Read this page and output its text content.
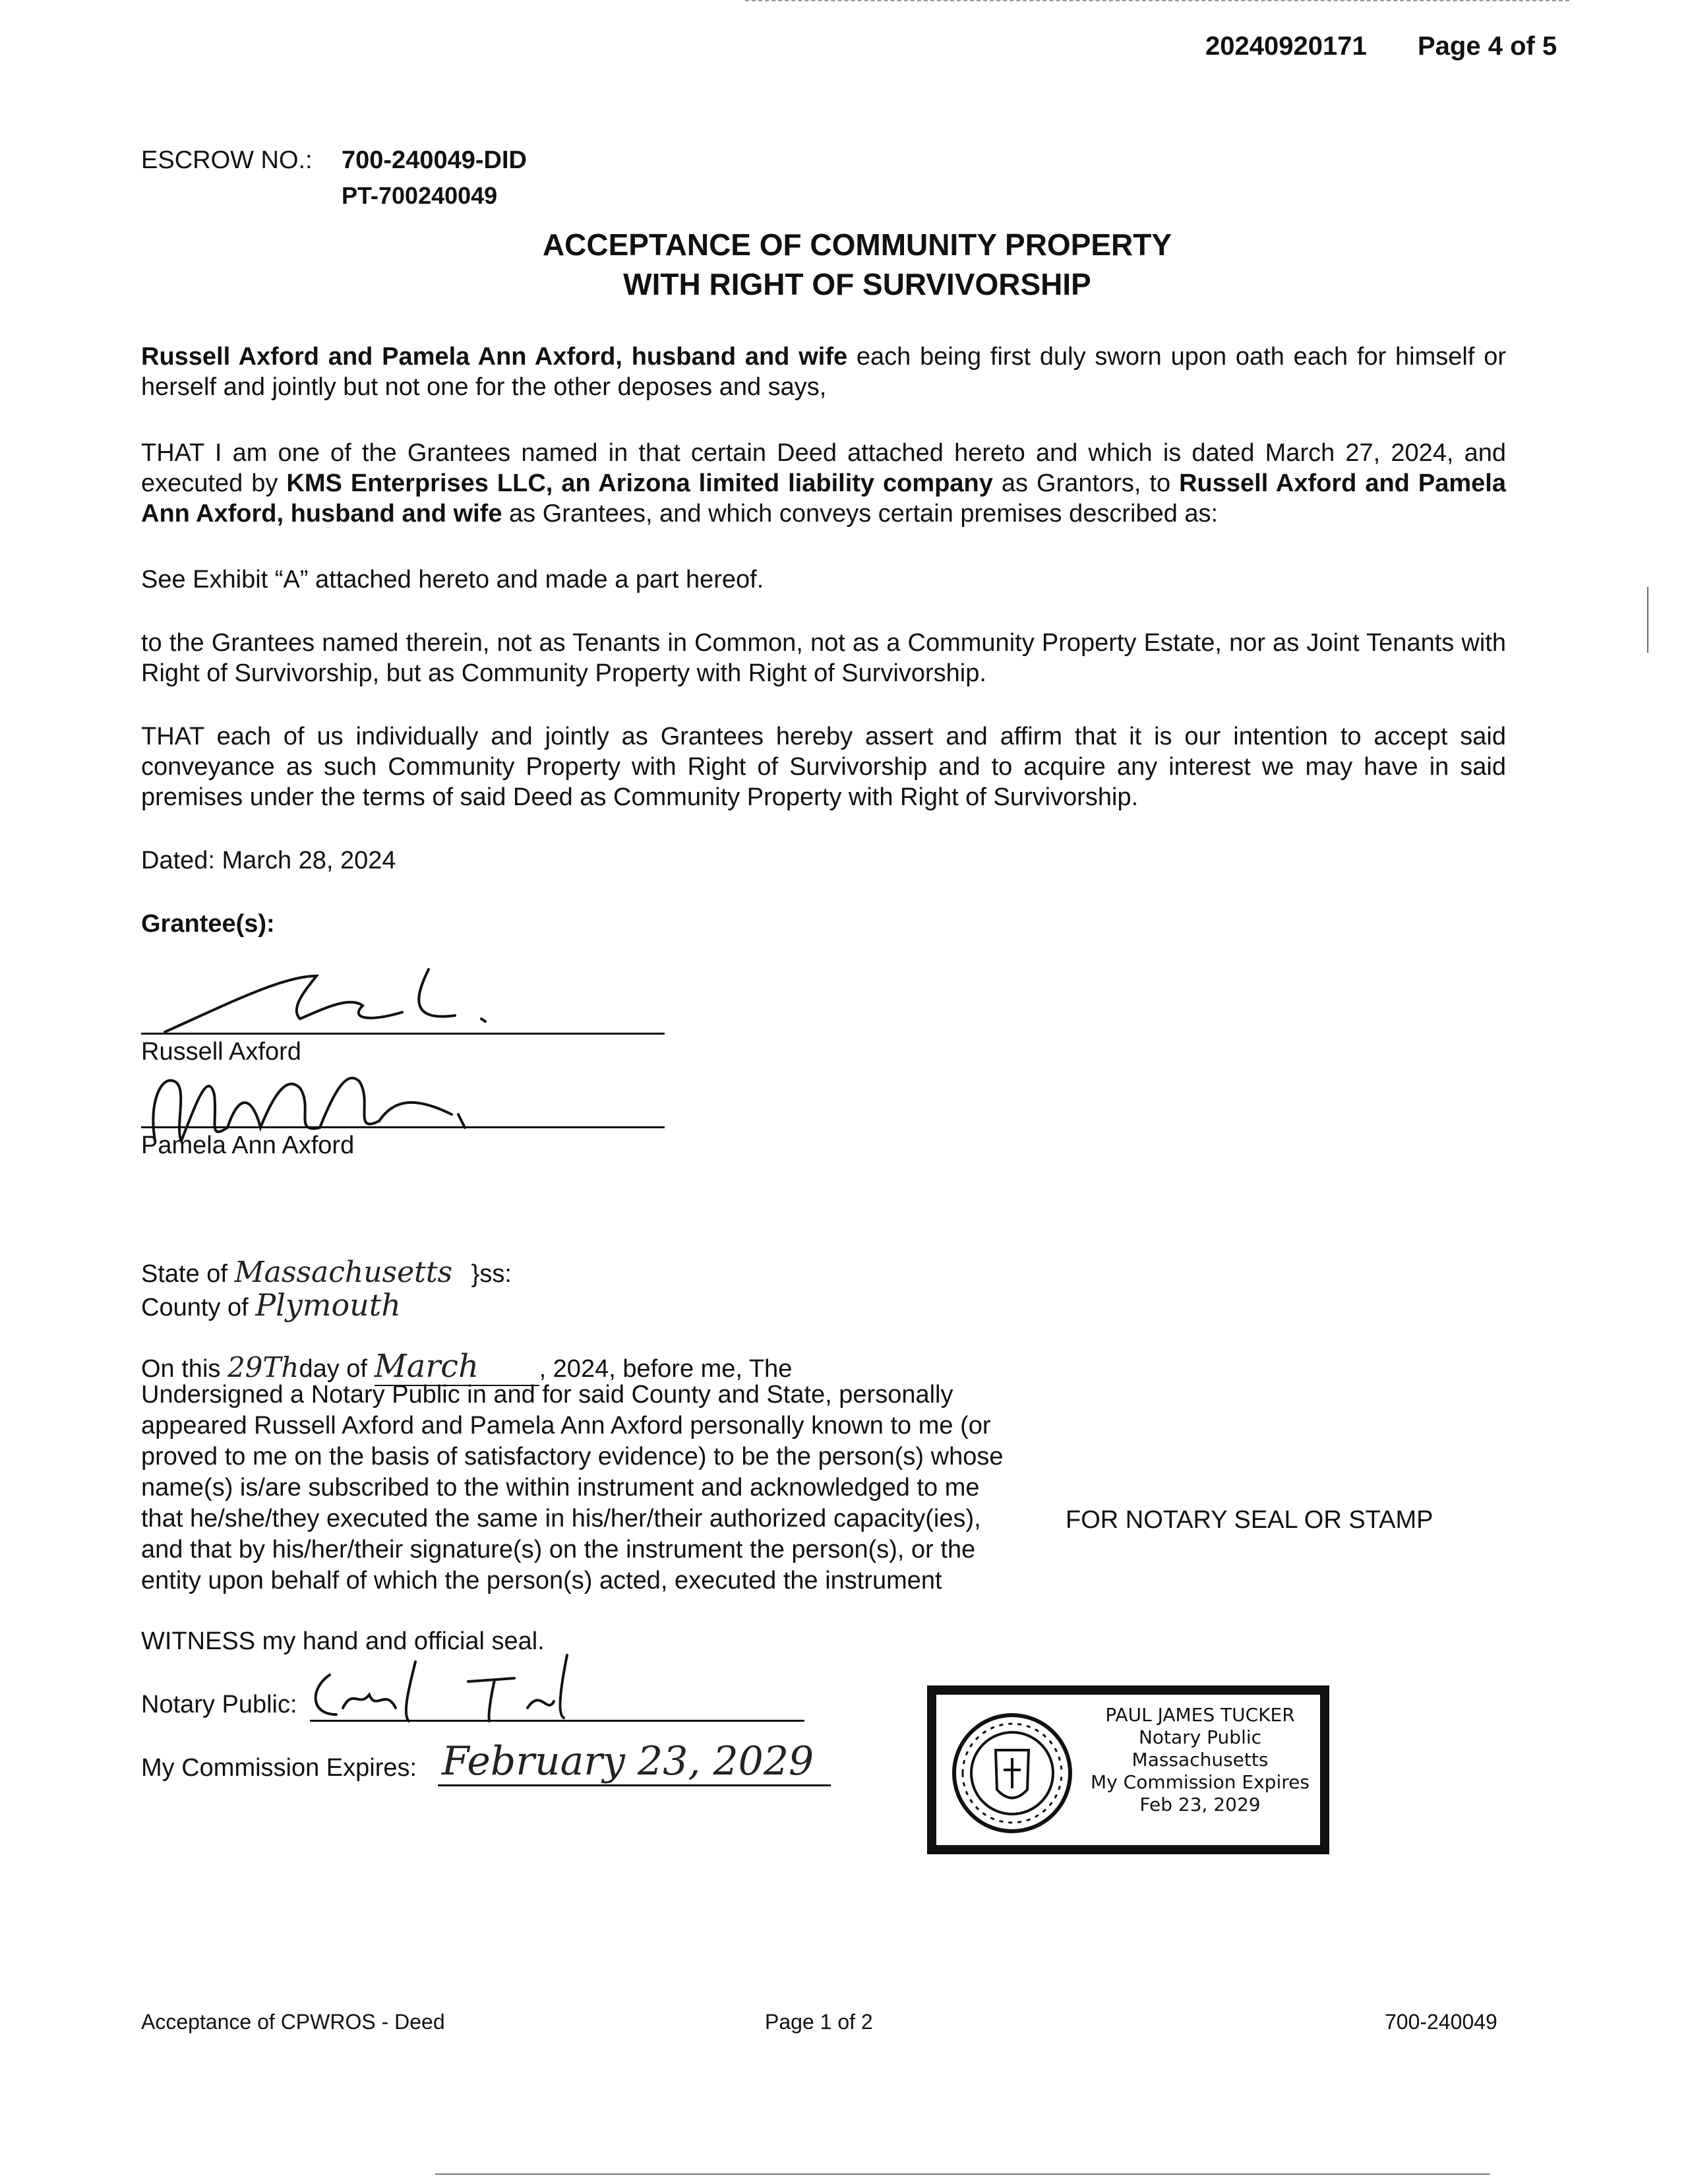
20240920171 Page 4 of 5
ESCROW NO.: 700-240049-DID
PT-700240049
ACCEPTANCE OF COMMUNITY PROPERTY
WITH RIGHT OF SURVIVORSHIP
Russell Axford and Pamela Ann Axford, husband and wife each being first duly sworn upon oath each for himself or herself and jointly but not one for the other deposes and says,
THAT I am one of the Grantees named in that certain Deed attached hereto and which is dated March 27, 2024, and executed by KMS Enterprises LLC, an Arizona limited liability company as Grantors, to Russell Axford and Pamela Ann Axford, husband and wife as Grantees, and which conveys certain premises described as:
See Exhibit “A” attached hereto and made a part hereof.
to the Grantees named therein, not as Tenants in Common, not as a Community Property Estate, nor as Joint Tenants with Right of Survivorship, but as Community Property with Right of Survivorship.
THAT each of us individually and jointly as Grantees hereby assert and affirm that it is our intention to accept said conveyance as such Community Property with Right of Survivorship and to acquire any interest we may have in said premises under the terms of said Deed as Community Property with Right of Survivorship.
Dated: March 28, 2024
Grantee(s):
Russell Axford
Pamela Ann Axford
State of Massachusetts }ss:
County of Plymouth
On this 29Thday of March , 2024, before me, The
Undersigned a Notary Public in and for said County and State, personally appeared Russell Axford and Pamela Ann Axford personally known to me (or proved to me on the basis of satisfactory evidence) to be the person(s) whose name(s) is/are subscribed to the within instrument and acknowledged to me that he/she/they executed the same in his/her/their authorized capacity(ies), and that by his/her/their signature(s) on the instrument the person(s), or the entity upon behalf of which the person(s) acted, executed the instrument
WITNESS my hand and official seal.
Notary Public:
My Commission Expires: February 23, 2029
FOR NOTARY SEAL OR STAMP
PAUL JAMES TUCKER
Notary Public
Massachusetts
My Commission Expires
Feb 23, 2029
Acceptance of CPWROS - Deed	Page 1 of 2	700-240049
